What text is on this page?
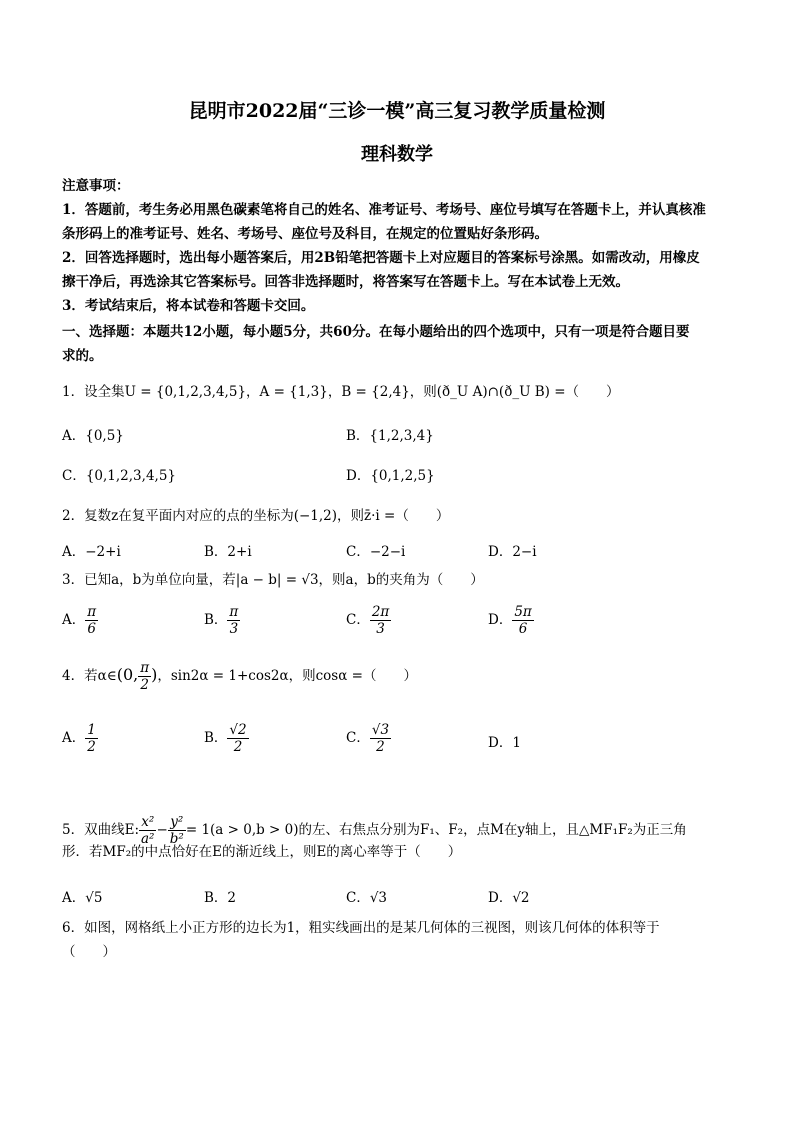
昆明市2022届“三诊一模”高三复习教学质量检测
理科数学
注意事项：
1．答题前，考生务必用黑色碳素笔将自己的姓名、准考证号、考场号、座位号填写在答题卡上，并认真核准
条形码上的准考证号、姓名、考场号、座位号及科目，在规定的位置贴好条形码。
2．回答选择题时，选出每小题答案后，用2B铅笔把答题卡上对应题目的答案标号涂黑。如需改动，用橡皮
擦干净后，再选涂其它答案标号。回答非选择题时，将答案写在答题卡上。写在本试卷上无效。
3．考试结束后，将本试卷和答题卡交回。
一、选择题：本题共12小题，每小题5分，共60分。在每小题给出的四个选项中，只有一项是符合题目要
求的。
1．设全集U = {0,1,2,3,4,5}，A = {1,3}，B = {2,4}，则(ð_U A)∩(ð_U B) =（　　）
A．{0,5}	B．{1,2,3,4}
C．{0,1,2,3,4,5}	D．{0,1,2,5}
2．复数z在复平面内对应的点的坐标为(−1,2)，则z̄·i =（　　）
A．−2+i	B．2+i	C．−2−i	D．2−i
3．已知a，b为单位向量，若|a − b| = √3，则a，b的夹角为（　　）
A． $\frac{\pi}{6}$	B． $\frac{\pi}{3}$	C． $\frac{2\pi}{3}$	D． $\frac{5\pi}{6}$
4．若α∈(0, $\frac{\pi}{2}$ )，sin2α = 1+cos2α，则cosα =（　　）
A． $\frac{1}{2}$	B． $\frac{√2}{2}$	C． $\frac{√3}{2}$	D．1
5．双曲线E: $\frac{\text{x²}}{\text{a²}} - \frac{\text{y²}}{\text{b²}} = 1(a > 0,b > 0)$的左、右焦点分别为F₁、F₂，点M在y轴上，且△MF₁F₂为正三角
形．若MF₂的中点恰好在E的渐近线上，则E的离心率等于（　　）
A．√5	B．2	C．√3	D．√2
6．如图，网格纸上小正方形的边长为1，粗实线画出的是某几何体的三视图，则该几何体的体积等于
（　　）
